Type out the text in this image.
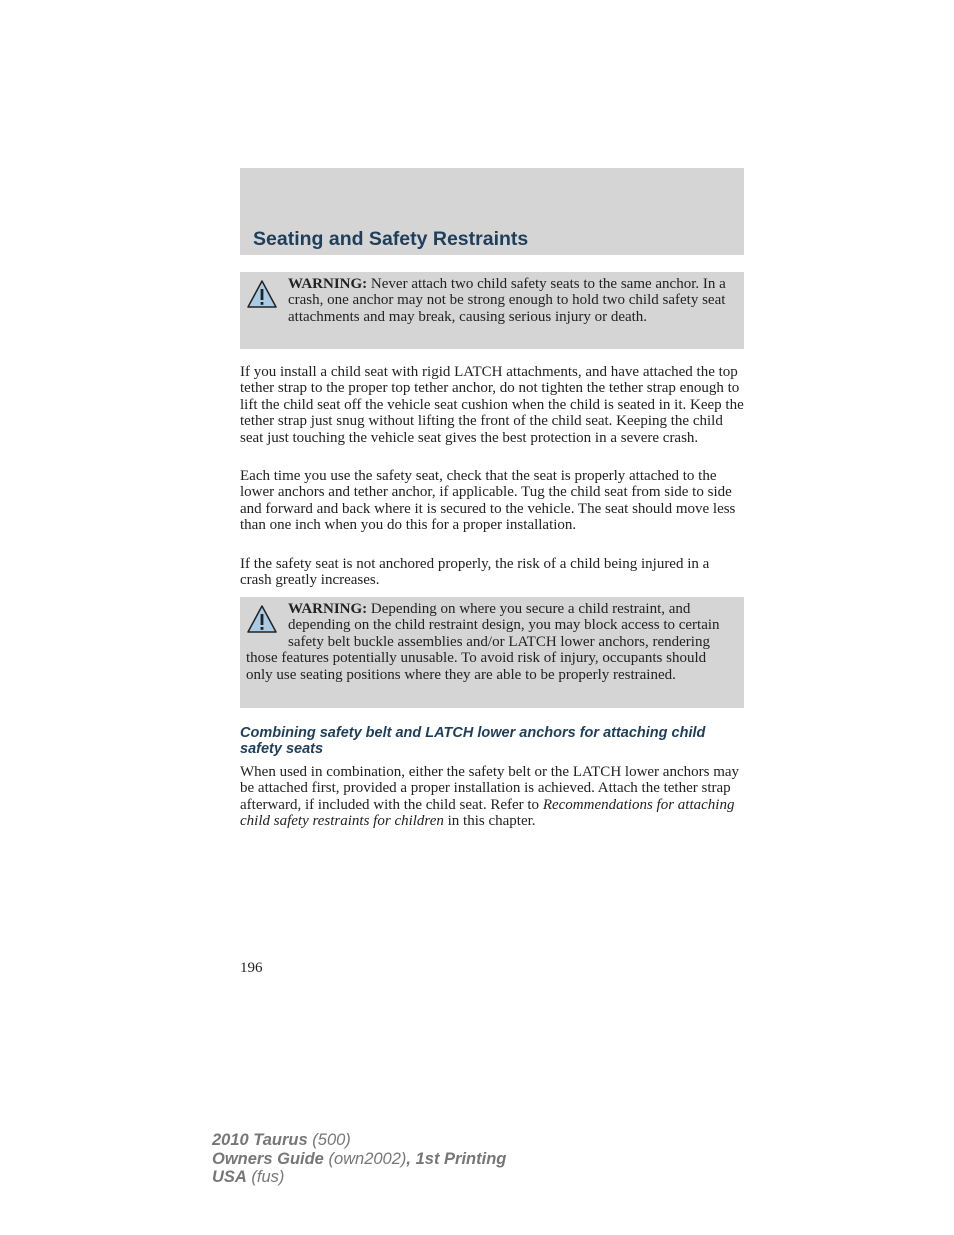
Seating and Safety Restraints
WARNING: Never attach two child safety seats to the same anchor. In a crash, one anchor may not be strong enough to hold two child safety seat attachments and may break, causing serious injury or death.

If you install a child seat with rigid LATCH attachments, and have attached the top tether strap to the proper top tether anchor, do not tighten the tether strap enough to lift the child seat off the vehicle seat cushion when the child is seated in it. Keep the tether strap just snug without lifting the front of the child seat. Keeping the child seat just touching the vehicle seat gives the best protection in a severe crash.

Each time you use the safety seat, check that the seat is properly attached to the lower anchors and tether anchor, if applicable. Tug the child seat from side to side and forward and back where it is secured to the vehicle. The seat should move less than one inch when you do this for a proper installation.

If the safety seat is not anchored properly, the risk of a child being injured in a crash greatly increases.

WARNING: Depending on where you secure a child restraint, and depending on the child restraint design, you may block access to certain safety belt buckle assemblies and/or LATCH lower anchors, rendering those features potentially unusable. To avoid risk of injury, occupants should only use seating positions where they are able to be properly restrained.
Combining safety belt and LATCH lower anchors for attaching child safety seats

When used in combination, either the safety belt or the LATCH lower anchors may be attached first, provided a proper installation is achieved. Attach the tether strap afterward, if included with the child seat. Refer to Recommendations for attaching child safety restraints for children in this chapter.

196
2010 Taurus (500)
Owners Guide (own2002), 1st Printing
USA (fus)
